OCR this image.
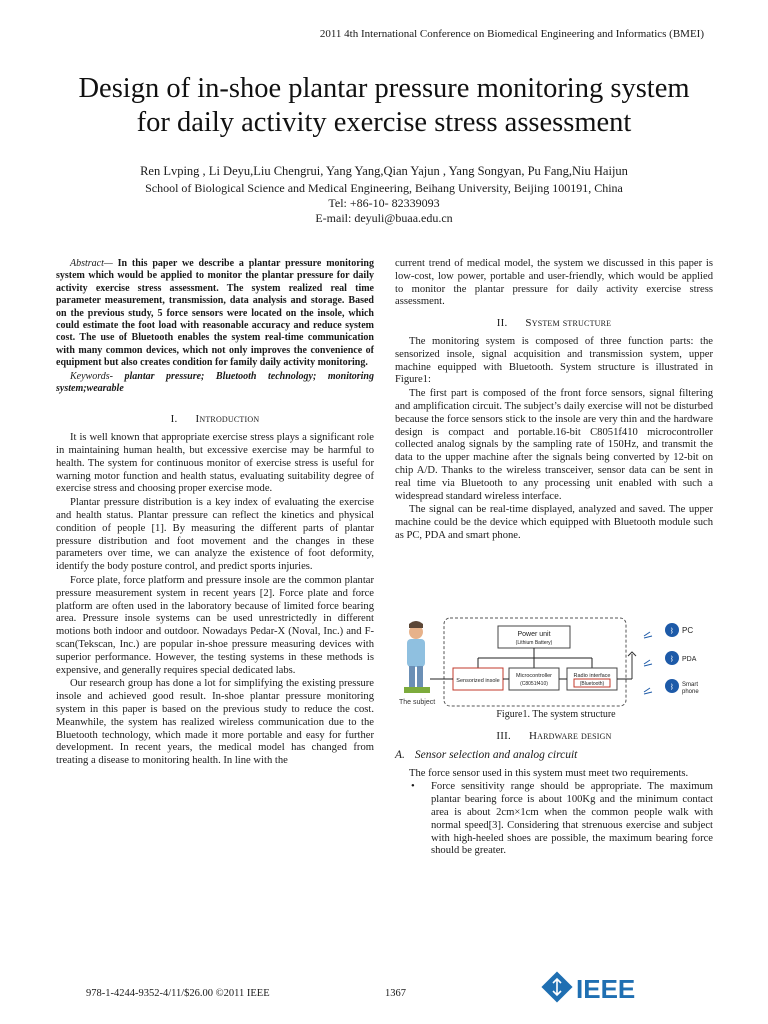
2011 4th International Conference on Biomedical Engineering and Informatics (BMEI)
Design of in-shoe plantar pressure monitoring system
for daily activity exercise stress assessment
Ren Lvping , Li Deyu,Liu Chengrui, Yang Yang,Qian Yajun , Yang Songyan, Pu Fang,Niu Haijun
School of Biological Science and Medical Engineering, Beihang University, Beijing 100191, China
Tel: +86-10- 82339093
E-mail: deyuli@buaa.edu.cn

Abstract— In this paper we describe a plantar pressure monitoring system which would be applied to monitor the plantar pressure for daily activity exercise stress assessment. The system realized real time parameter measurement, transmission, data analysis and storage. Based on the previous study, 5 force sensors were located on the insole, which could estimate the foot load with reasonable accuracy and reduce system cost. The use of Bluetooth enables the system real-time communication with many common devices, which not only improves the convenience of equipment but also creates condition for family daily activity monitoring.

Keywords- plantar pressure; Bluetooth technology; monitoring system;wearable

I. Introduction

It is well known that appropriate exercise stress plays a significant role in maintaining human health, but excessive exercise may be harmful to health. The system for continuous monitor of exercise stress is useful for warning motor function and health status, evaluating suitability degree of exercise stress and choosing proper exercise mode.

Plantar pressure distribution is a key index of evaluating the exercise and health status. Plantar pressure can reflect the kinetics and physical condition of people [1]. By measuring the different parts of plantar pressure distribution and foot movement and the changes in these parameters over time, we can analyze the existence of foot deformity, identify the body posture control, and predict sports injuries.

Force plate, force platform and pressure insole are the common plantar pressure measurement system in recent years [2]. Force plate and force platform are often used in the laboratory because of limited force bearing area. Pressure insole systems can be used unrestrictedly in different motions both indoor and outdoor. Nowadays Pedar-X (Noval, Inc.) and F-scan(Tekscan, Inc.) are popular in-shoe pressure measuring devices with superior performance. However, the testing systems in these methods is expensive, and generally requires special dedicated labs.

Our research group has done a lot for simplifying the existing pressure insole and achieved good result. In-shoe plantar pressure monitoring system in this paper is based on the previous study to reduce the cost. Meanwhile, the system has realized wireless communication due to the Bluetooth technology, which made it more portable and easy for further development. In recent years, the medical model has changed from treating a disease to monitoring health. In line with the

current trend of medical model, the system we discussed in this paper is low-cost, low power, portable and user-friendly, which would be applied to monitor the plantar pressure for daily activity exercise stress assessment.

II. System structure

The monitoring system is composed of three function parts: the sensorized insole, signal acquisition and transmission system, upper machine equipped with Bluetooth. System structure is illustrated in Figure1:

The first part is composed of the front force sensors, signal filtering and amplification circuit. The subject’s daily exercise will not be disturbed because the force sensors stick to the insole are very thin and the hardware design is compact and portable.16-bit C8051f410 microcontroller collected analog signals by the sampling rate of 150Hz, and transmit the data to the upper machine after the signals being converted by 12-bit on chip A/D. Thanks to the wireless transceiver, sensor data can be sent in real time via Bluetooth to any processing unit enabled with such a widespread standard wireless interface.

The signal can be real-time displayed, analyzed and saved. The upper machine could be the device which equipped with Bluetooth module such as PC, PDA and smart phone.

The subject
Power unit
(Lithium Battery)
Sensorized insole
Microcontroller
(C8051f410)
Radio interface
(Bluetooth)
ᛒ PC
ᛒ PDA
ᛒ Smart
phone
Figure1. The system structure
III. Hardware design
A. Sensor selection and analog circuit

The force sensor used in this system must meet two requirements.

• Force sensitivity range should be appropriate. The maximum plantar bearing force is about 100Kg and the minimum contact area is about 2cm×1cm when the common people walk with normal speed[3]. Considering that strenuous exercise and subject with high-heeled shoes are possible, the maximum bearing force should be greater.
978-1-4244-9352-4/11/$26.00 ©2011 IEEE	1367	IEEE
